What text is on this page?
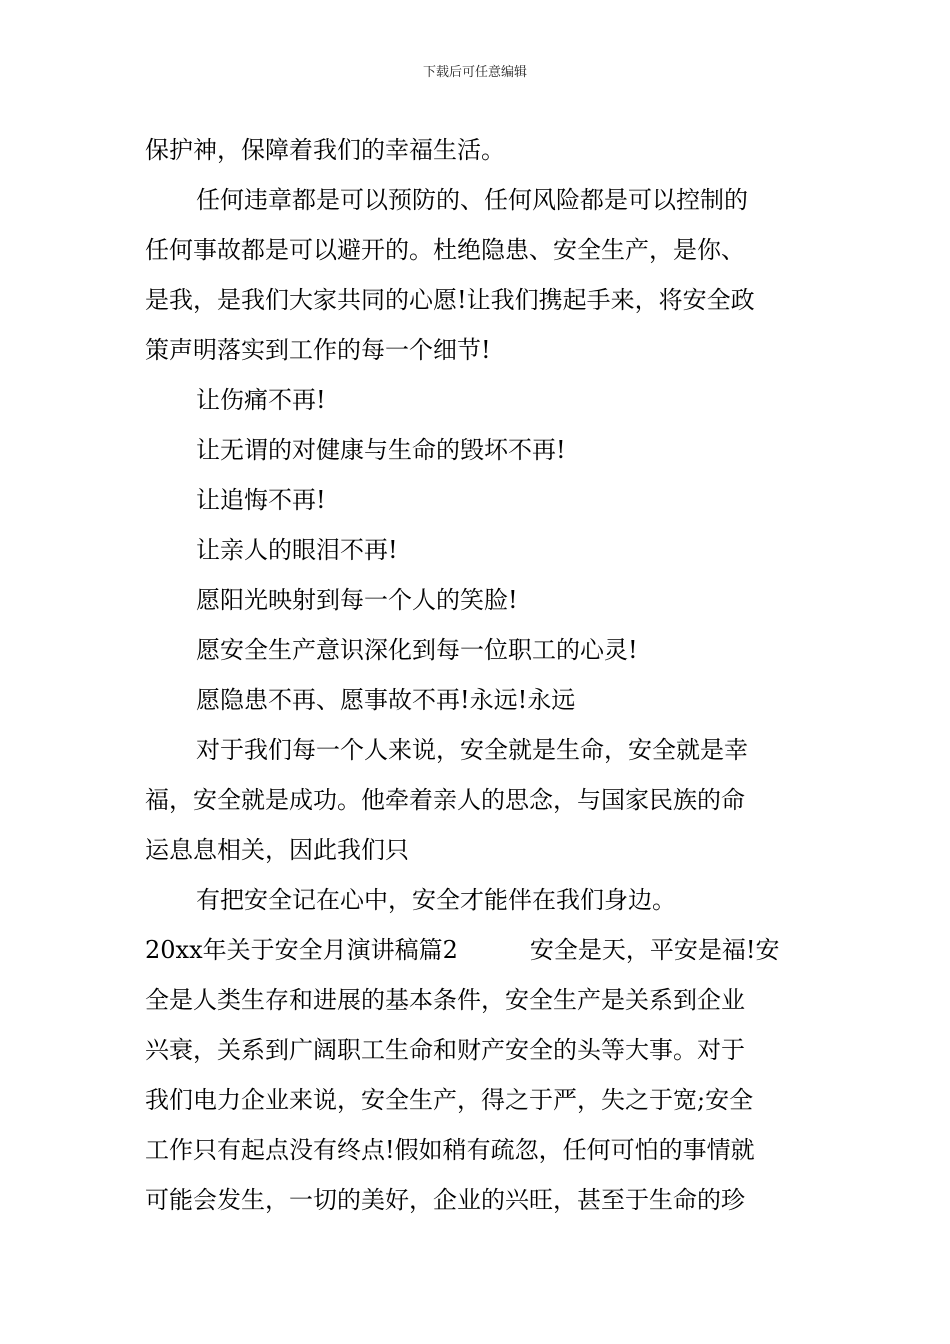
下载后可任意编辑
保护神，保障着我们的幸福生活。
任何违章都是可以预防的、任何风险都是可以控制的
任何事故都是可以避开的。杜绝隐患、安全生产，是你、
是我，是我们大家共同的心愿!让我们携起手来，将安全政
策声明落实到工作的每一个细节!
让伤痛不再!
让无谓的对健康与生命的毁坏不再!
让追悔不再!
让亲人的眼泪不再!
愿阳光映射到每一个人的笑脸!
愿安全生产意识深化到每一位职工的心灵!
愿隐患不再、愿事故不再!永远!永远
对于我们每一个人来说，安全就是生命，安全就是幸
福，安全就是成功。他牵着亲人的思念，与国家民族的命
运息息相关，因此我们只
有把安全记在心中，安全才能伴在我们身边。
20xx年关于安全月演讲稿篇2	安全是天，平安是福!安
全是人类生存和进展的基本条件，安全生产是关系到企业
兴衰，关系到广阔职工生命和财产安全的头等大事。对于
我们电力企业来说，安全生产，得之于严，失之于宽;安全
工作只有起点没有终点!假如稍有疏忽，任何可怕的事情就
可能会发生，一切的美好，企业的兴旺，甚至于生命的珍
